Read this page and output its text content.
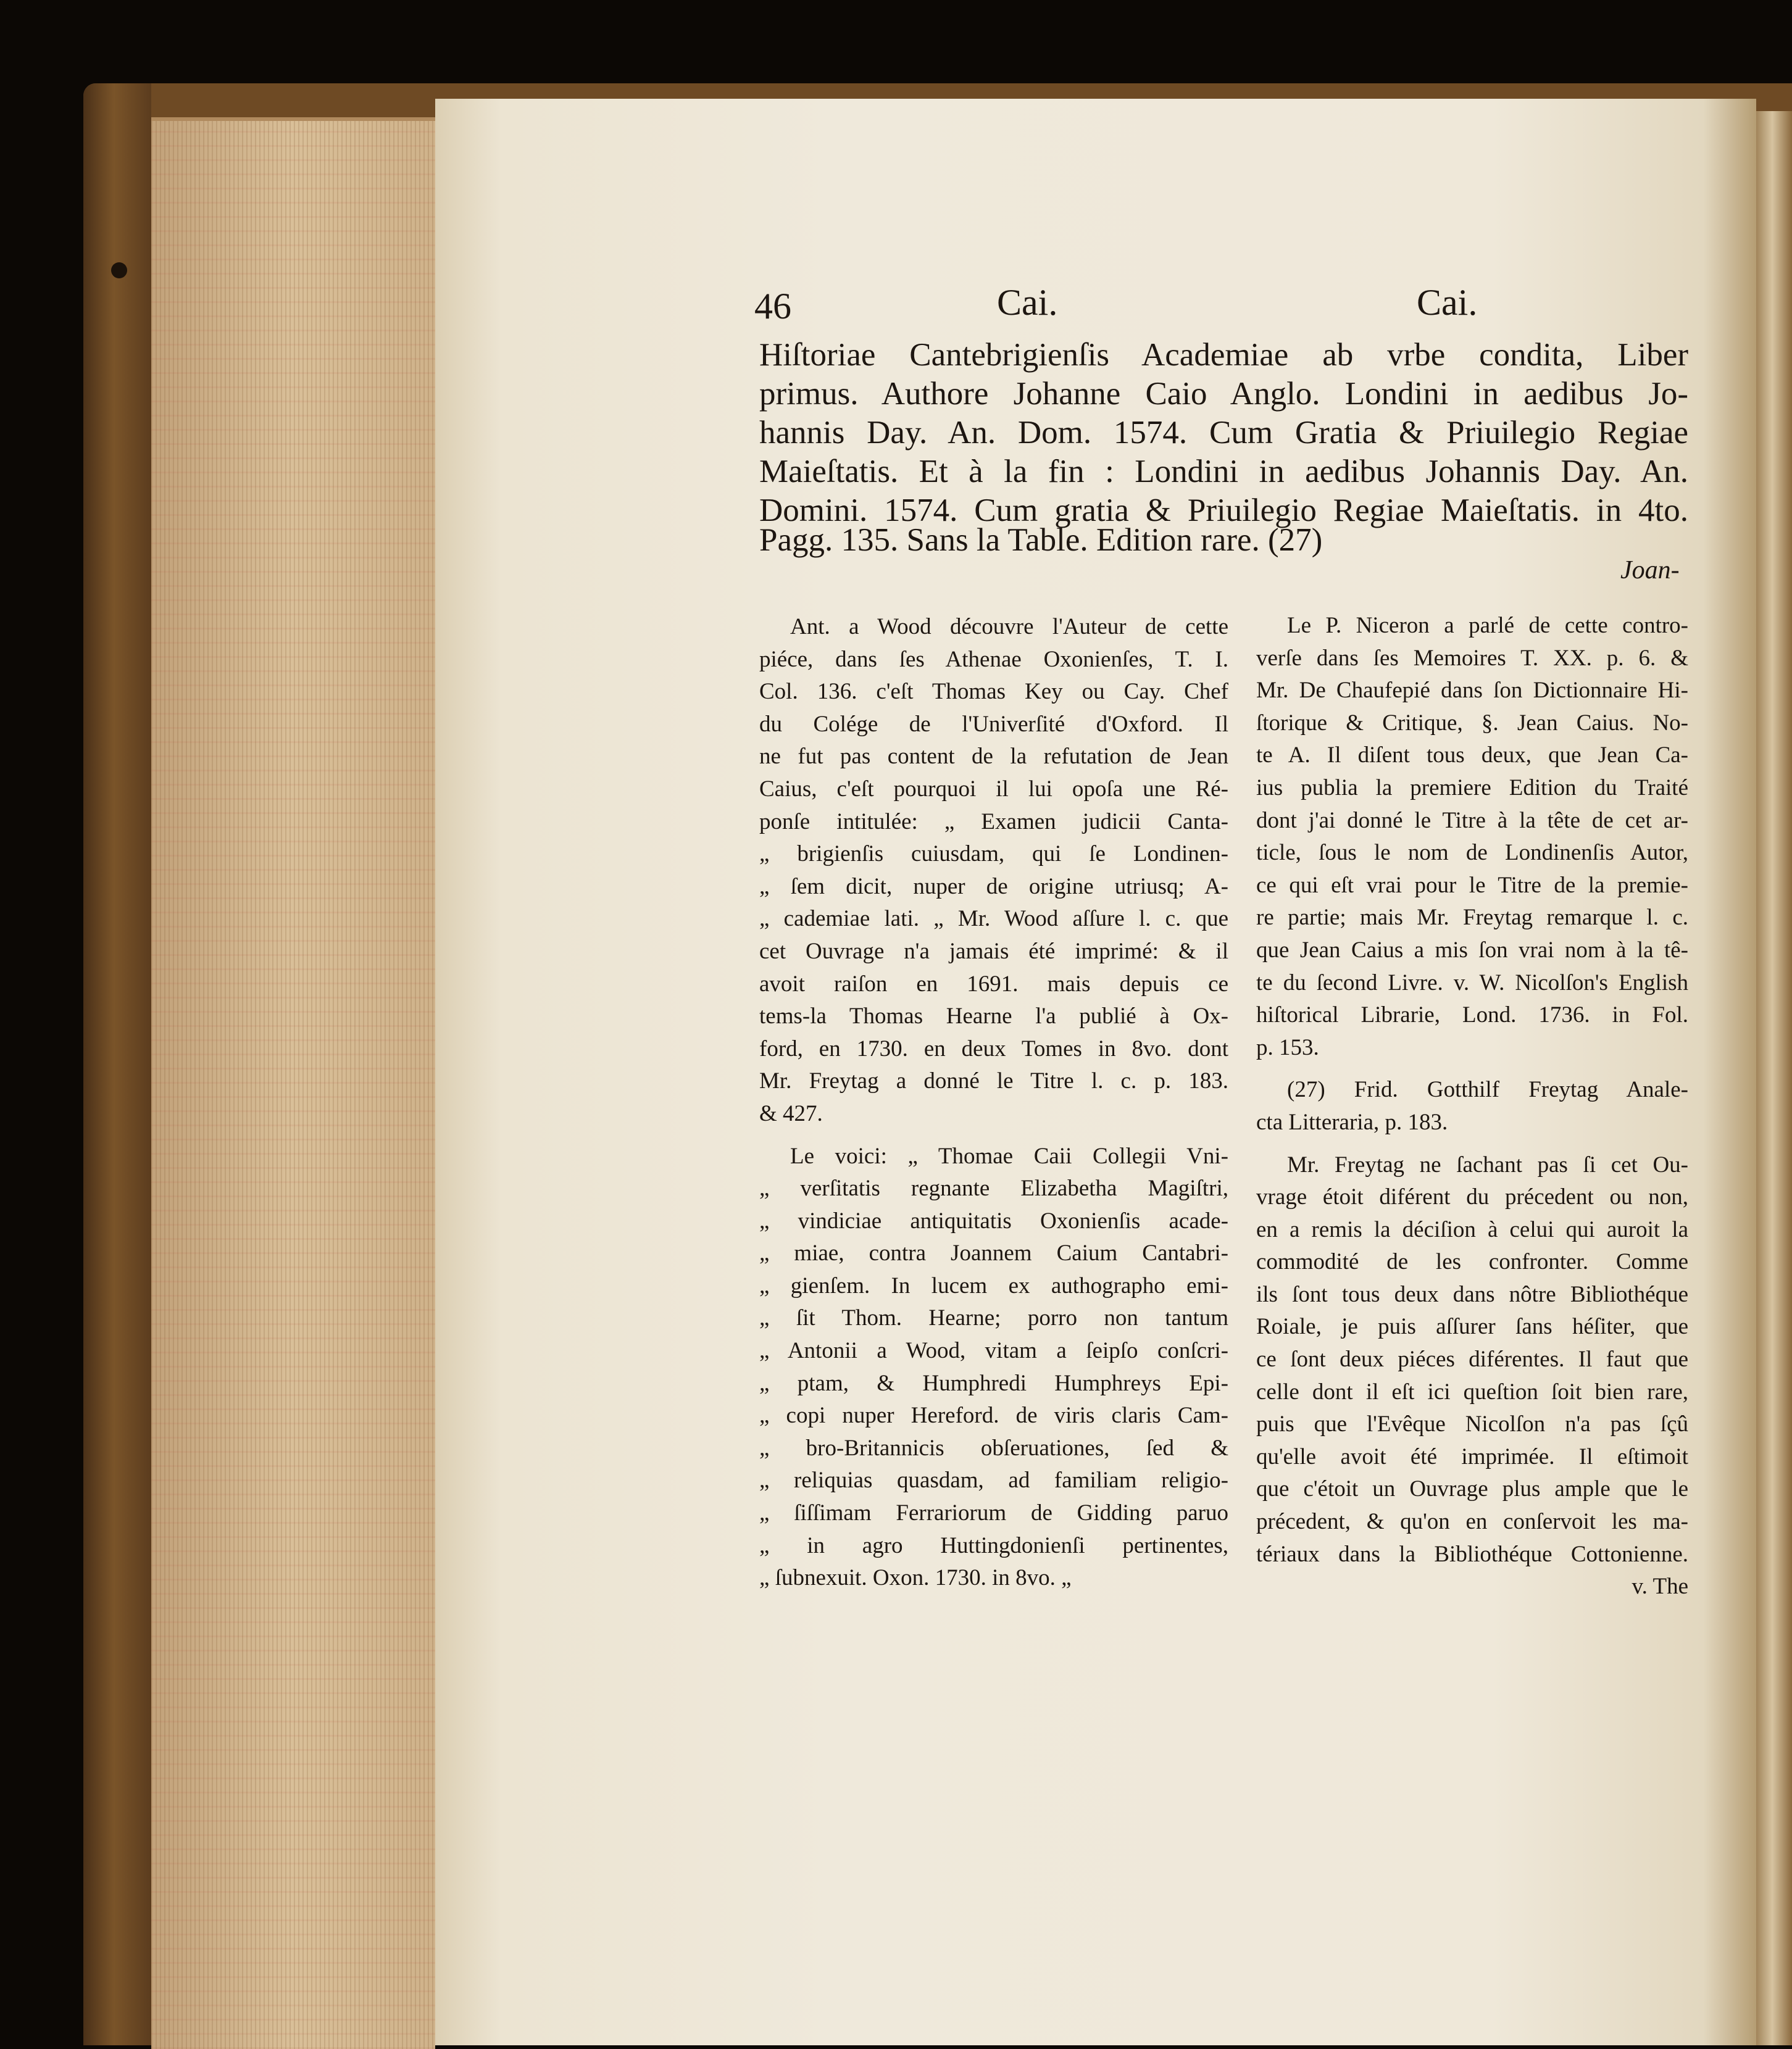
46	Cai.	Cai.
Hiſtoriae Cantebrigienſis Academiae ab vrbe condita, Liber
primus. Authore Johanne Caio Anglo. Londini in aedibus Jo-
hannis Day. An. Dom. 1574. Cum Gratia & Priuilegio Regiae
Maieſtatis. Et à la fin : Londini in aedibus Johannis Day. An.
Domini. 1574. Cum gratia & Priuilegio Regiae Maieſtatis. in 4to.
Pagg. 135. Sans la Table. Edition rare. (27)
Joan-
Ant. a Wood découvre l'Auteur de cette
piéce, dans ſes Athenae Oxonienſes, T. I.
Col. 136. c'eſt Thomas Key ou Cay. Chef
du Colége de l'Univerſité d'Oxford. Il
ne fut pas content de la refutation de Jean
Caius, c'eſt pourquoi il lui opoſa une Ré-
ponſe intitulée: „ Examen judicii Canta-
„ brigienſis cuiusdam, qui ſe Londinen-
„ ſem dicit, nuper de origine utriusq; A-
„ cademiae lati. „ Mr. Wood aſſure l. c. que
cet Ouvrage n'a jamais été imprimé: & il
avoit raiſon en 1691. mais depuis ce
tems-la Thomas Hearne l'a publié à Ox-
ford, en 1730. en deux Tomes in 8vo. dont
Mr. Freytag a donné le Titre l. c. p. 183.
& 427.
Le voici: „ Thomae Caii Collegii Vni-
„ verſitatis regnante Elizabetha Magiſtri,
„ vindiciae antiquitatis Oxonienſis acade-
„ miae, contra Joannem Caium Cantabri-
„ gienſem. In lucem ex authographo emi-
„ ſit Thom. Hearne; porro non tantum
„ Antonii a Wood, vitam a ſeipſo conſcri-
„ ptam, & Humphredi Humphreys Epi-
„ copi nuper Hereford. de viris claris Cam-
„ bro-Britannicis obſeruationes, ſed &
„ reliquias quasdam, ad familiam religio-
„ ſiſſimam Ferrariorum de Gidding paruo
„ in agro Huttingdonienſi pertinentes,
„ ſubnexuit. Oxon. 1730. in 8vo. „
Le P. Niceron a parlé de cette contro-
verſe dans ſes Memoires T. XX. p. 6. &
Mr. De Chaufepié dans ſon Dictionnaire Hi-
ſtorique & Critique, §. Jean Caius. No-
te A. Il diſent tous deux, que Jean Ca-
ius publia la premiere Edition du Traité
dont j'ai donné le Titre à la tête de cet ar-
ticle, ſous le nom de Londinenſis Autor,
ce qui eſt vrai pour le Titre de la premie-
re partie; mais Mr. Freytag remarque l. c.
que Jean Caius a mis ſon vrai nom à la tê-
te du ſecond Livre. v. W. Nicolſon's English
hiſtorical Librarie, Lond. 1736. in Fol.
p. 153.
(27) Frid. Gotthilf Freytag Anale-
cta Litteraria, p. 183.
Mr. Freytag ne ſachant pas ſi cet Ou-
vrage étoit diférent du précedent ou non,
en a remis la déciſion à celui qui auroit la
commodité de les confronter. Comme
ils ſont tous deux dans nôtre Bibliothéque
Roiale, je puis aſſurer ſans héſiter, que
ce ſont deux piéces diférentes. Il faut que
celle dont il eſt ici queſtion ſoit bien rare,
puis que l'Evêque Nicolſon n'a pas ſçû
qu'elle avoit été imprimée. Il eſtimoit
que c'étoit un Ouvrage plus ample que le
précedent, & qu'on en conſervoit les ma-
tériaux dans la Bibliothéque Cottonienne.
v. The
